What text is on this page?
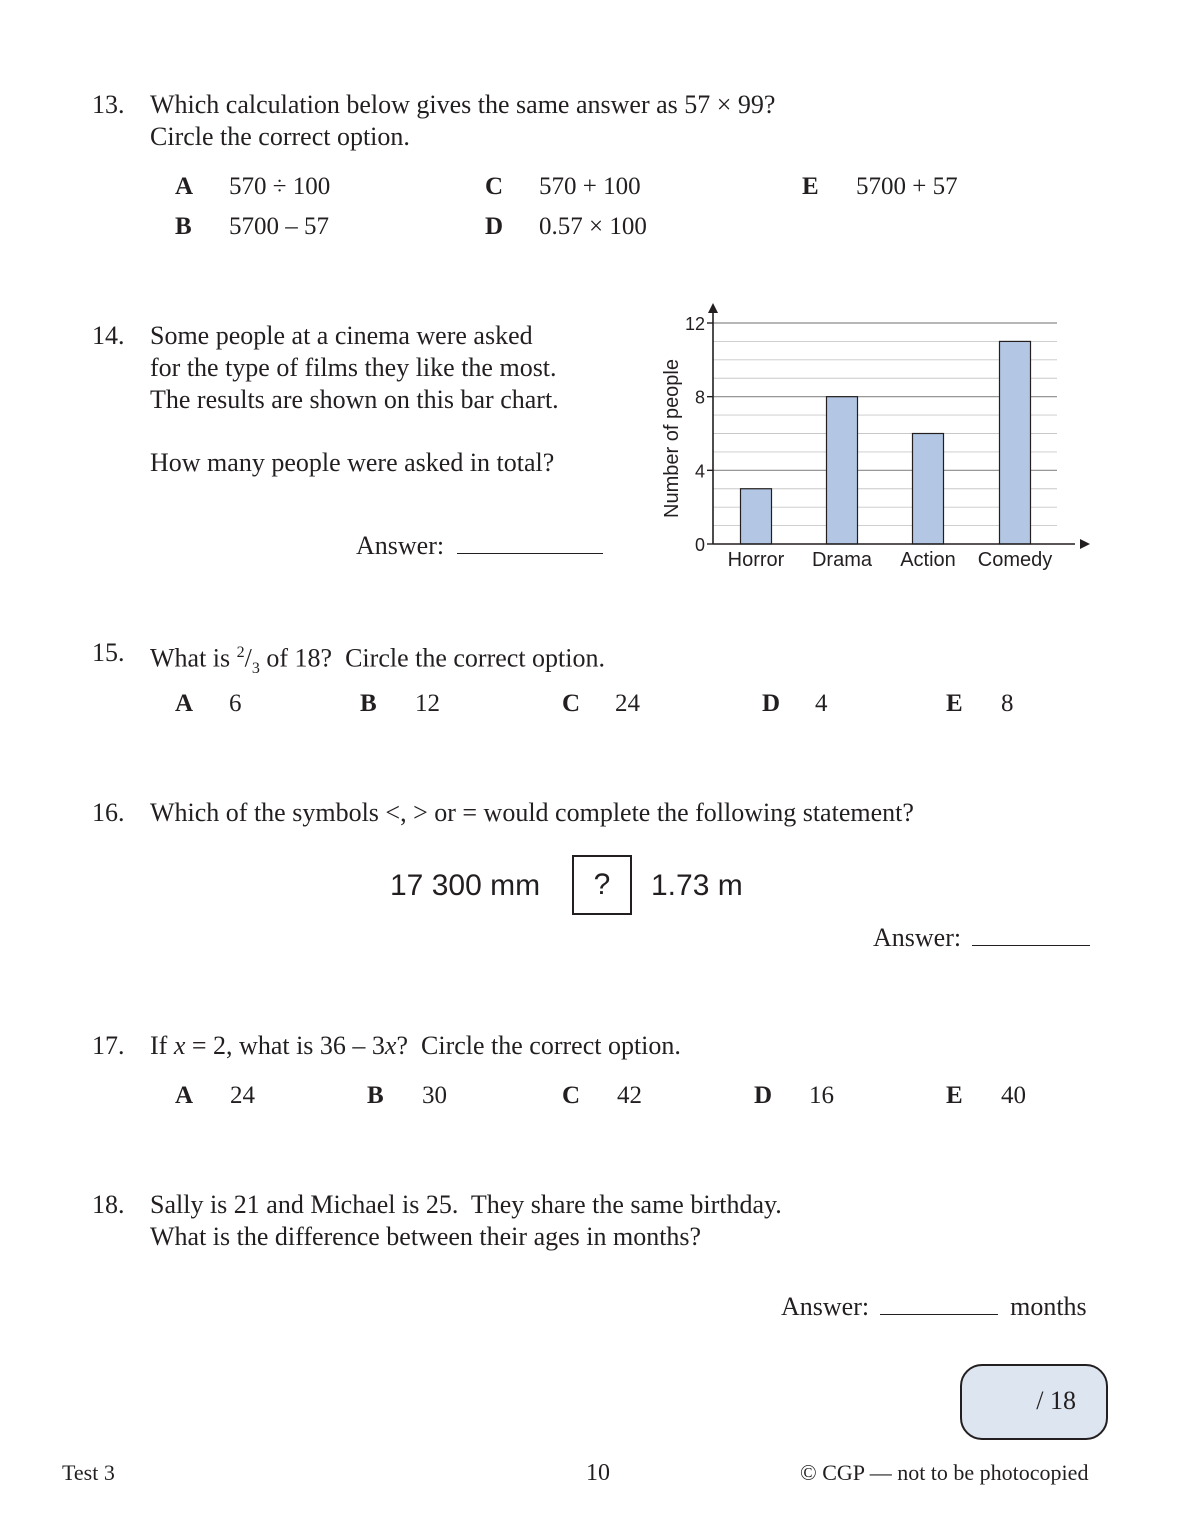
13. Which calculation below gives the same answer as 57 × 99?
Circle the correct option.
A 570 ÷ 100
B 5700 – 57
C 570 + 100
D 0.57 × 100
E 5700 + 57
14. Some people at a cinema were asked
for the type of films they like the most.
The results are shown on this bar chart.
How many people were asked in total?
Answer:	0
4
8
12
Horror Drama Action Comedy
Number of people
15. What is $^2/_3$ of 18?  Circle the correct option.
A 6	B 12	C 24	D 4	E 8
16. Which of the symbols <, > or = would complete the following statement?
17 300 mm	?	1.73 m
Answer:
17. If x = 2, what is 36 – 3x?  Circle the correct option.
A 24	B 30	C 42	D 16	E 40
18. Sally is 21 and Michael is 25.  They share the same birthday.
What is the difference between their ages in months?
Answer:	months
/ 18
Test 3	10	© CGP — not to be photocopied
